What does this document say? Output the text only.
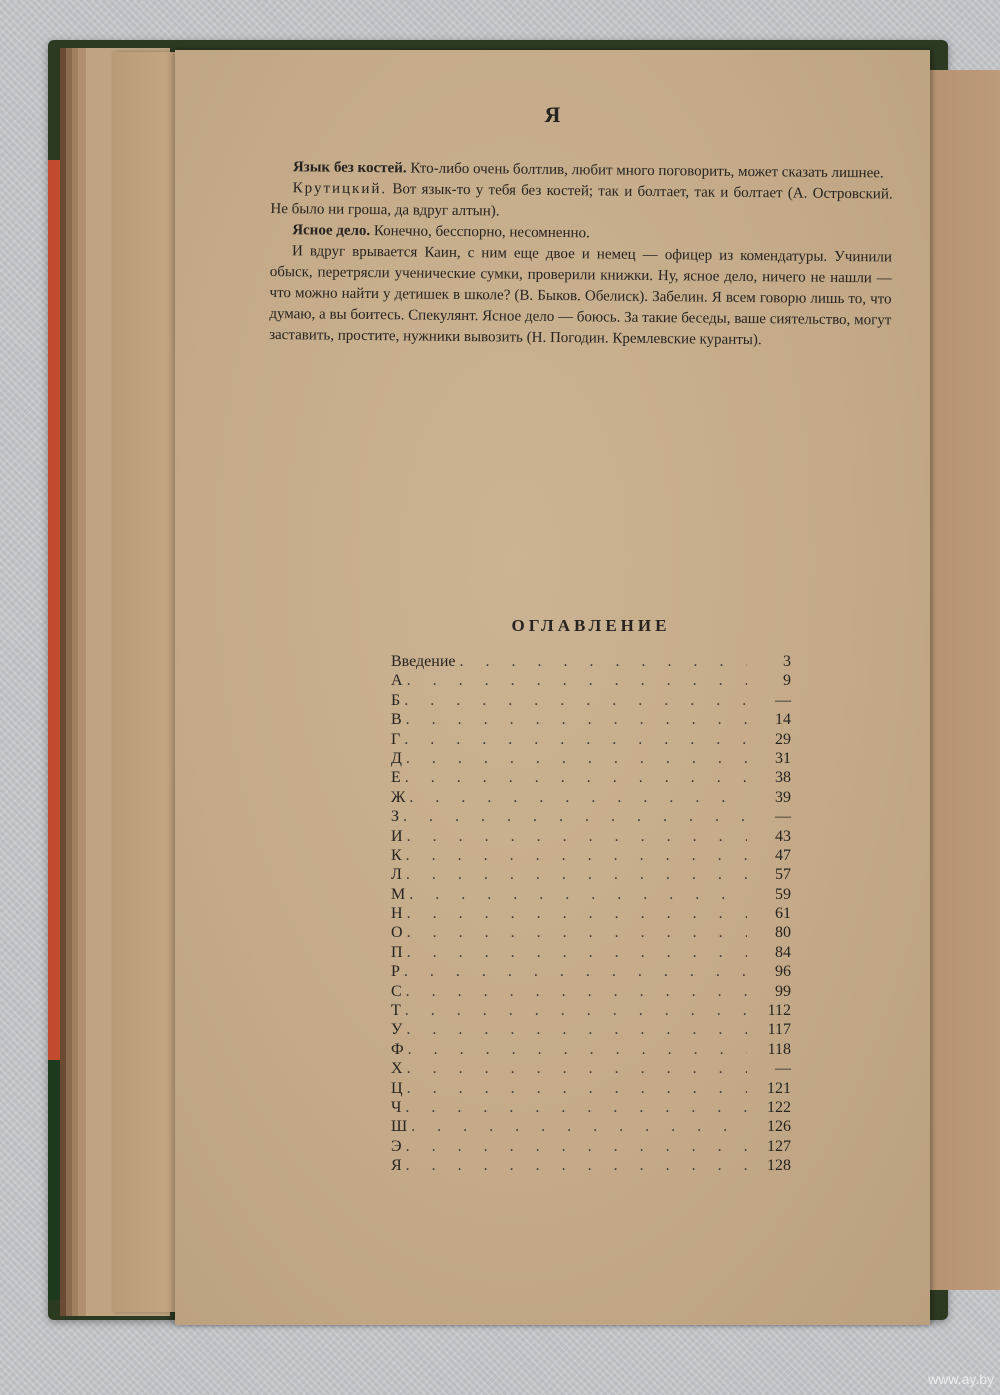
Я

Язык без костей. Кто-либо очень болтлив, любит много поговорить, может сказать лишнее.

Крутицкий. Вот язык-то у тебя без костей; так и болтает, так и болтает (А. Островский. Не было ни гроша, да вдруг алтын).

Ясное дело. Конечно, бесспорно, несомненно.

И вдруг врывается Каин, с ним еще двое и немец — офицер из комендатуры. Учинили обыск, перетрясли ученические сумки, проверили книжки. Ну, ясное дело, ничего не нашли — что можно найти у детишек в школе? (В. Быков. Обелиск). Забелин. Я всем говорю лишь то, что думаю, а вы боитесь. Спекулянт. Ясное дело — боюсь. За такие беседы, ваше сиятельство, могут заставить, простите, нужники вывозить (Н. Погодин. Кремлевские куранты).

ОГЛАВЛЕНИЕ
Введение . . .	3
А . . .	9
Б . . .	—
В . . .	14
Г . . .	29
Д . . .	31
Е . . .	38
Ж . . .	39
З . . .	—
И . . .	43
К . . .	47
Л . . .	57
М . . .	59
Н . . .	61
О . . .	80
П . . .	84
Р . . .	96
С . . .	99
Т . . .	112
У . . .	117
Ф . . .	118
Х . . .	—
Ц . . .	121
Ч . . .	122
Ш . . .	126
Э . . .	127
Я . . .	128
www.ay.by
